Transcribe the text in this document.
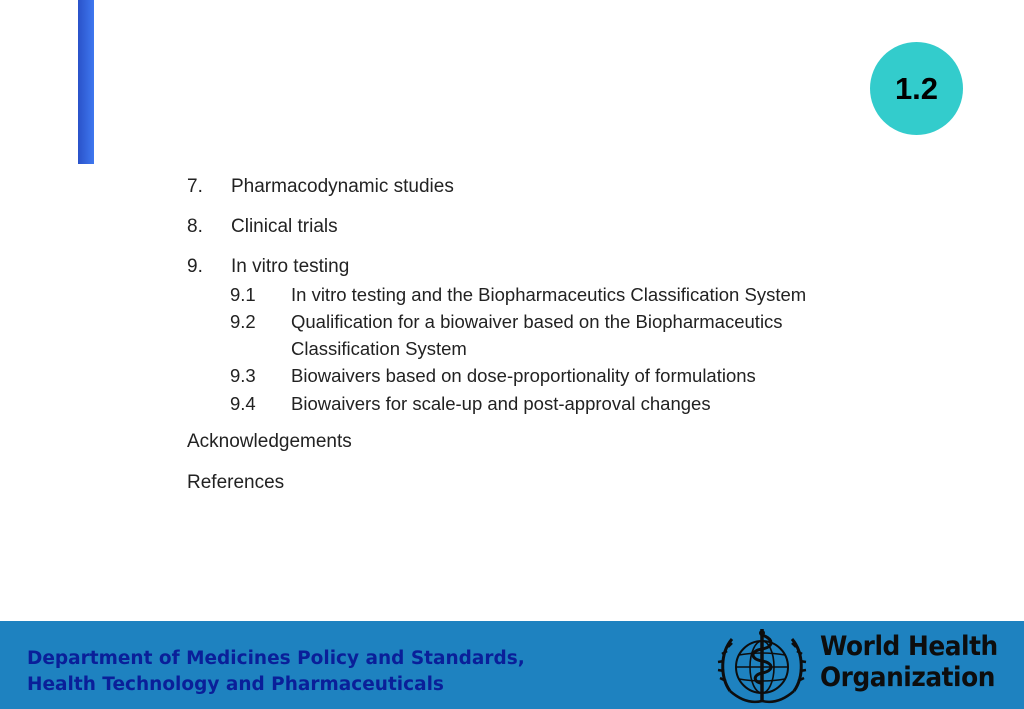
1.2
7. Pharmacodynamic studies
8. Clinical trials
9. In vitro testing
9.1 In vitro testing and the Biopharmaceutics Classification System
9.2 Qualification for a biowaiver based on the Biopharmaceutics
Classification System
9.3 Biowaivers based on dose-proportionality of formulations
9.4 Biowaivers for scale-up and post-approval changes
Acknowledgements
References
Department of Medicines Policy and Standards,
Health Technology and Pharmaceuticals
World Health
Organization
